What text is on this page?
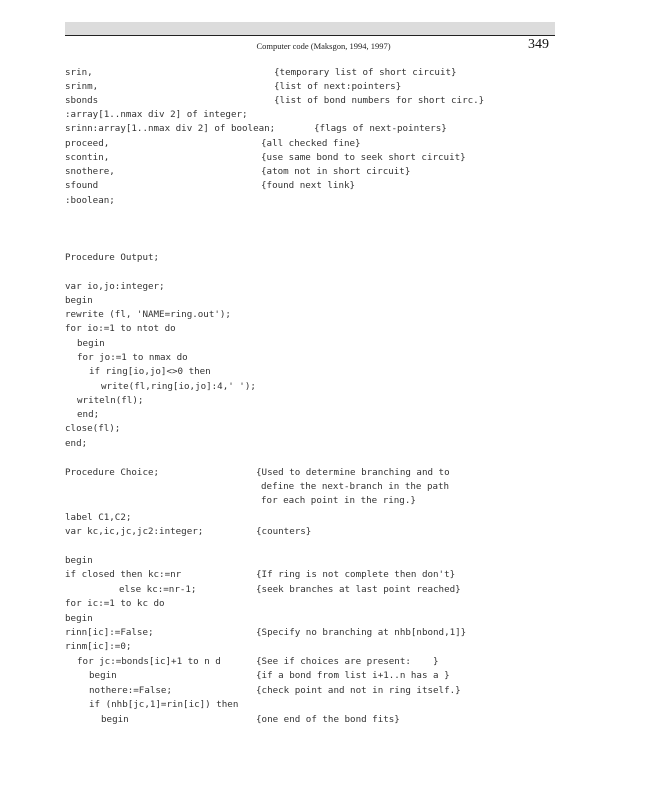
Computer code (Maksgon, 1994, 1997)	349
srin,	{temporary list of short circuit}
srinm,	{list of next:pointers}
sbonds	{list of bond numbers for short circ.}
:array[1..nmax div 2] of integer;
srinn:array[1..nmax div 2] of boolean;	{flags of next-pointers}
proceed,	{all checked fine}
scontin,	{use same bond to seek short circuit}
snothere,	{atom not in short circuit}
sfound	{found next link}
:boolean;
Procedure Output;
var io,jo:integer;
begin
rewrite (fl, 'NAME=ring.out');
for io:=1 to ntot do
begin
for jo:=1 to nmax do
if ring[io,jo]<>0 then
write(fl,ring[io,jo]:4,' ');
writeln(fl);
end;
close(fl);
end;
Procedure Choice;	{Used to determine branching and to
define the next-branch in the path
for each point in the ring.}
label C1,C2;
var kc,ic,jc,jc2:integer;	{counters}
begin
if closed then kc:=nr	{If ring is not complete then don't}
else kc:=nr-1;	{seek branches at last point reached}
for ic:=1 to kc do
begin
rinn[ic]:=False;	{Specify no branching at nhb[nbond,1]}
rinm[ic]:=0;
for jc:=bonds[ic]+1 to n d	{See if choices are present:    }
begin	{if a bond from list i+1..n has a }
nothere:=False;	{check point and not in ring itself.}
if (nhb[jc,1]=rin[ic]) then
begin	{one end of the bond fits}
